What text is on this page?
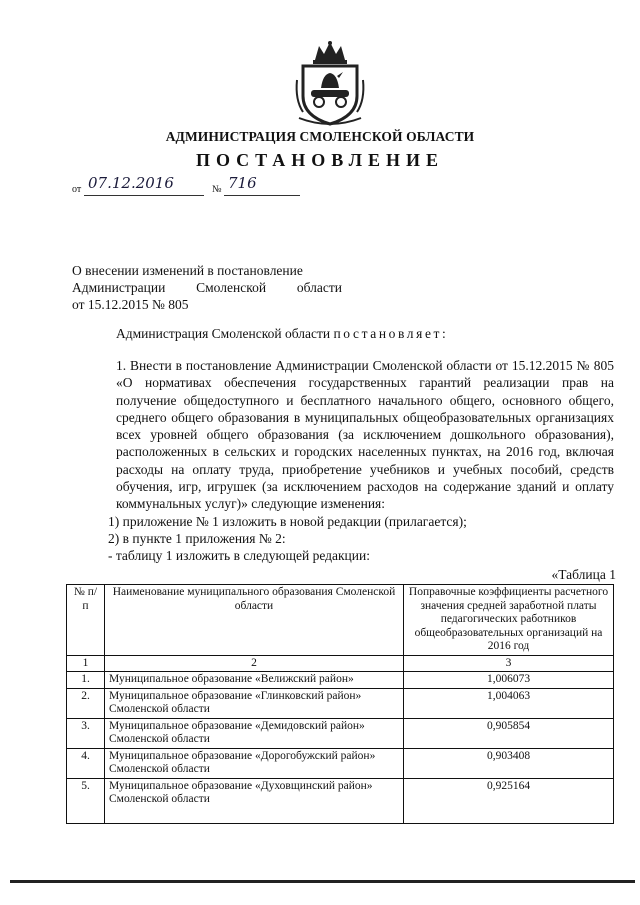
АДМИНИСТРАЦИЯ СМОЛЕНСКОЙ ОБЛАСТИ
ПОСТАНОВЛЕНИЕ
от 07.12.2016	№ 716
О внесении изменений в постановление
Администрации Смоленской области
от 15.12.2015 № 805
Администрация Смоленской области постановляет:
1. Внести в постановление Администрации Смоленской области от 15.12.2015 № 805 «О нормативах обеспечения государственных гарантий реализации прав на получение общедоступного и бесплатного начального общего, основного общего, среднего общего образования в муниципальных общеобразовательных организациях всех уровней общего образования (за исключением дошкольного образования), расположенных в сельских и городских населенных пунктах, на 2016 год, включая расходы на оплату труда, приобретение учебников и учебных пособий, средств обучения, игр, игрушек (за исключением расходов на содержание зданий и оплату коммунальных услуг)» следующие изменения:
1) приложение № 1 изложить в новой редакции (прилагается);
2) в пункте 1 приложения № 2:
- таблицу 1 изложить в следующей редакции:
«Таблица 1
№ п/п	Наименование муниципального образования Смоленской области	Поправочные коэффициенты расчетного значения средней заработной платы педагогических работников общеобразовательных организаций на 2016 год
1	2	3
1.	Муниципальное образование «Велижский район»	1,006073
2.	Муниципальное образование «Глинковский район» Смоленской области	1,004063
3.	Муниципальное образование «Демидовский район» Смоленской области	0,905854
4.	Муниципальное образование «Дорогобужский район» Смоленской области	0,903408
5.	Муниципальное образование «Духовщинский район» Смоленской области	0,925164
